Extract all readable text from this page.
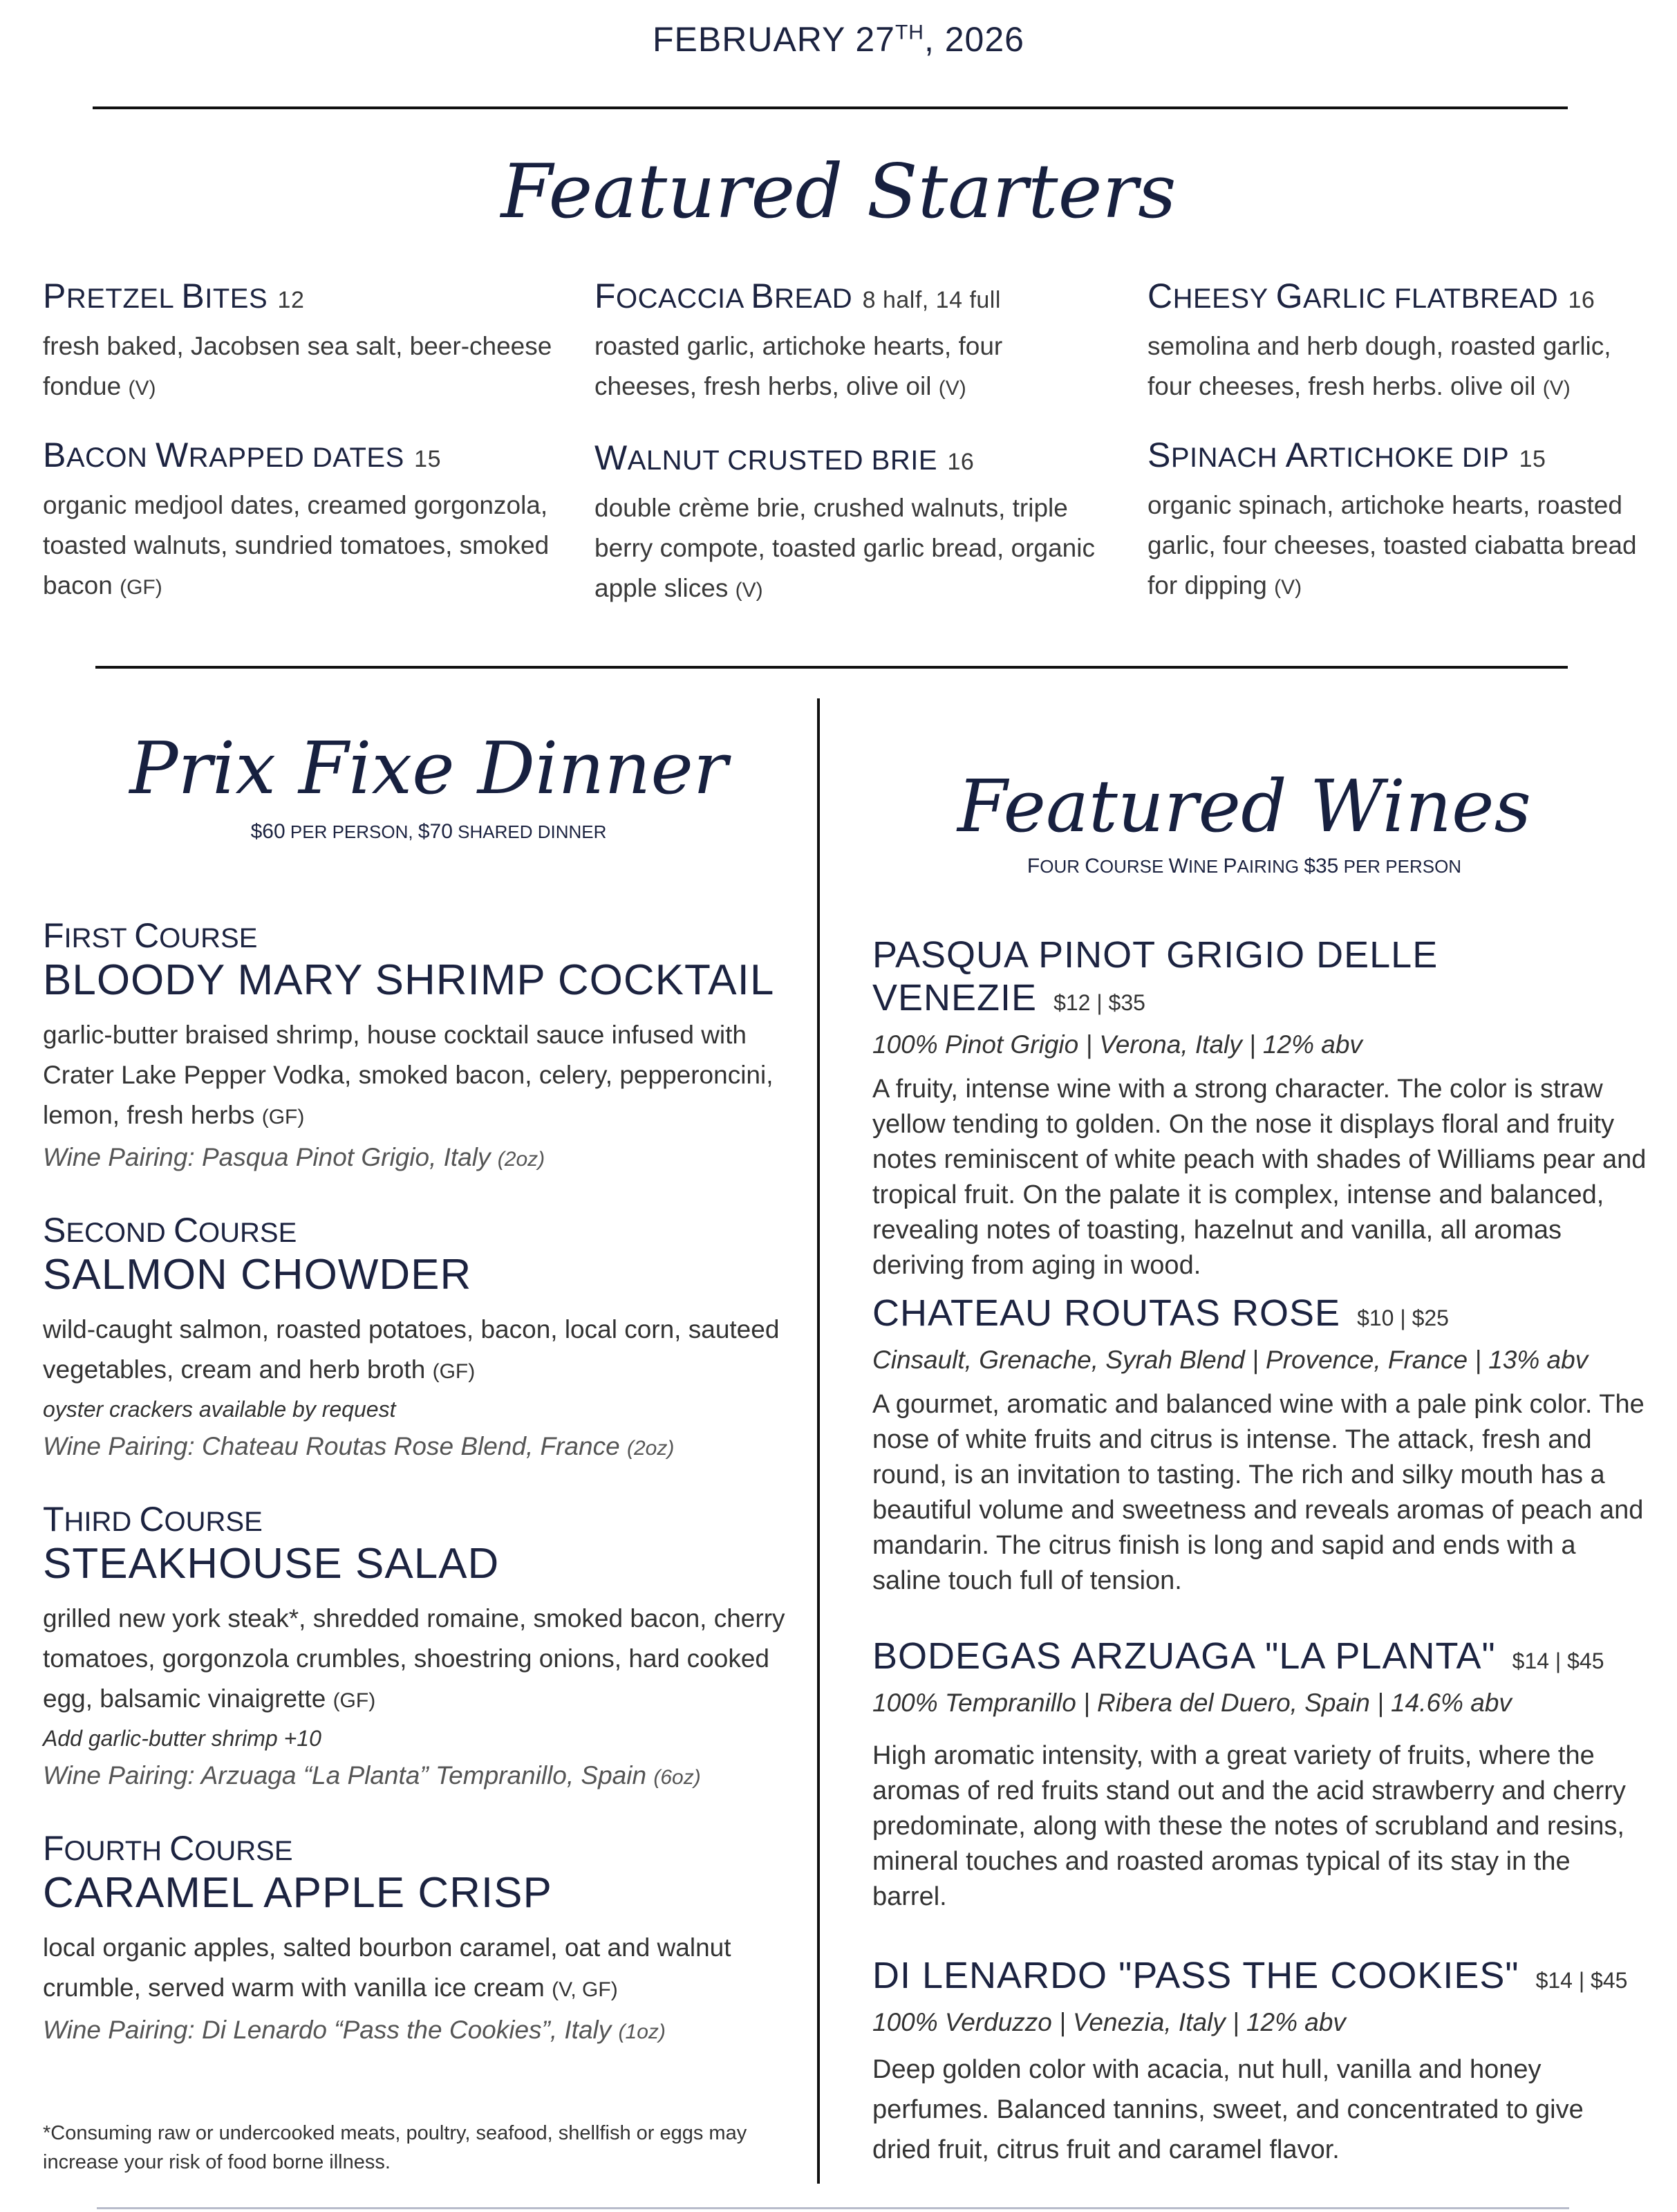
FEBRUARY 27TH, 2026
Featured Starters
PRETZEL BITES 12
fresh baked, Jacobsen sea salt, beer-cheese fondue (V)
FOCACCIA BREAD 8 half, 14 full
roasted garlic, artichoke hearts, four cheeses, fresh herbs, olive oil (V)
CHEESY GARLIC FLATBREAD 16
semolina and herb dough, roasted garlic, four cheeses, fresh herbs. olive oil (V)
BACON WRAPPED DATES 15
organic medjool dates, creamed gorgonzola, toasted walnuts, sundried tomatoes, smoked bacon (GF)
WALNUT CRUSTED BRIE 16
double crème brie, crushed walnuts, triple berry compote, toasted garlic bread, organic apple slices (V)
SPINACH ARTICHOKE DIP 15
organic spinach, artichoke hearts, roasted garlic, four cheeses, toasted ciabatta bread for dipping (V)
Prix Fixe Dinner
$60 PER PERSON, $70 SHARED DINNER
FIRST COURSE
BLOODY MARY SHRIMP COCKTAIL
garlic-butter braised shrimp, house cocktail sauce infused with Crater Lake Pepper Vodka, smoked bacon, celery, pepperoncini, lemon, fresh herbs (GF)
Wine Pairing: Pasqua Pinot Grigio, Italy (2oz)
SECOND COURSE
SALMON CHOWDER
wild-caught salmon, roasted potatoes, bacon, local corn, sauteed vegetables, cream and herb broth (GF)
oyster crackers available by request
Wine Pairing: Chateau Routas Rose Blend, France (2oz)
THIRD COURSE
STEAKHOUSE SALAD
grilled new york steak*, shredded romaine, smoked bacon, cherry tomatoes, gorgonzola crumbles, shoestring onions, hard cooked egg, balsamic vinaigrette (GF)
Add garlic-butter shrimp +10
Wine Pairing: Arzuaga “La Planta” Tempranillo, Spain (6oz)
FOURTH COURSE
CARAMEL APPLE CRISP
local organic apples, salted bourbon caramel, oat and walnut crumble, served warm with vanilla ice cream (V, GF)
Wine Pairing: Di Lenardo “Pass the Cookies”, Italy (1oz)
*Consuming raw or undercooked meats, poultry, seafood, shellfish or eggs may increase your risk of food borne illness.
Featured Wines
FOUR COURSE WINE PAIRING $35 PER PERSON
PASQUA PINOT GRIGIO DELLE VENEZIE $12 | $35
100% Pinot Grigio | Verona, Italy | 12% abv
A fruity, intense wine with a strong character. The color is straw yellow tending to golden. On the nose it displays floral and fruity notes reminiscent of white peach with shades of Williams pear and tropical fruit. On the palate it is complex, intense and balanced, revealing notes of toasting, hazelnut and vanilla, all aromas deriving from aging in wood.
CHATEAU ROUTAS ROSE $10 | $25
Cinsault, Grenache, Syrah Blend | Provence, France | 13% abv
A gourmet, aromatic and balanced wine with a pale pink color. The nose of white fruits and citrus is intense. The attack, fresh and round, is an invitation to tasting. The rich and silky mouth has a beautiful volume and sweetness and reveals aromas of peach and mandarin. The citrus finish is long and sapid and ends with a saline touch full of tension.
BODEGAS ARZUAGA "LA PLANTA" $14 | $45
100% Tempranillo | Ribera del Duero, Spain | 14.6% abv
High aromatic intensity, with a great variety of fruits, where the aromas of red fruits stand out and the acid strawberry and cherry predominate, along with these the notes of scrubland and resins, mineral touches and roasted aromas typical of its stay in the barrel.
DI LENARDO "PASS THE COOKIES" $14 | $45
100% Verduzzo | Venezia, Italy | 12% abv
Deep golden color with acacia, nut hull, vanilla and honey perfumes. Balanced tannins, sweet, and concentrated to give dried fruit, citrus fruit and caramel flavor.
